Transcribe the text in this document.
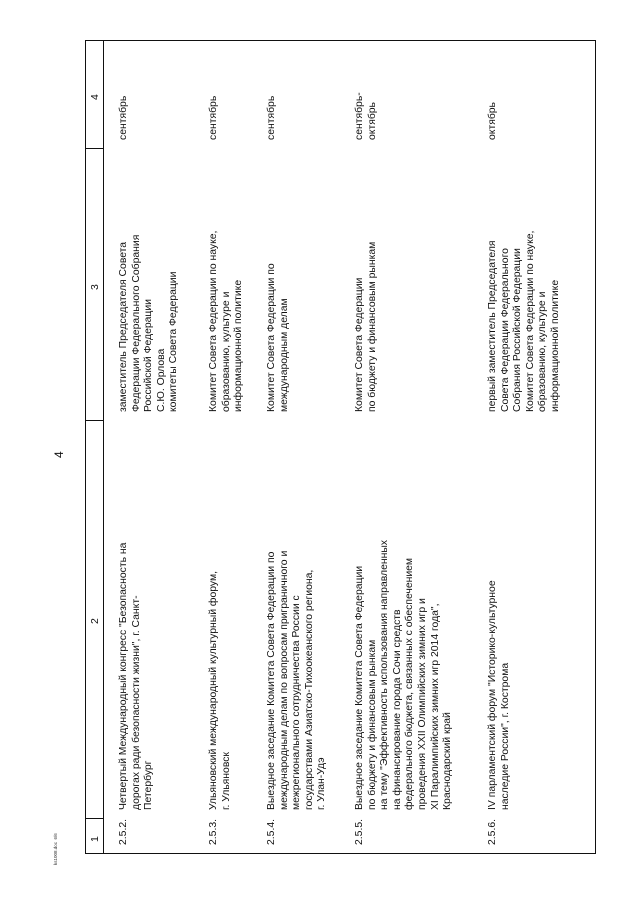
4
ks1008.doc  6/6	1
2
3
4
2.5.2.
Четвертый Международный конгресс "Безопасность на
дорогах ради безопасности жизни", г. Санкт-
Петербург
заместитель Председателя Совета
Федерации Федерального Собрания
Российской Федерации
С.Ю. Орлова
комитеты Совета Федерации
сентябрь
2.5.3.
Ульяновский международный культурный форум,
г. Ульяновск
Комитет Совета Федерации по науке,
образованию, культуре и
информационной политике
сентябрь
2.5.4.
Выездное заседание Комитета Совета Федерации по
международным делам по вопросам приграничного и
межрегионального сотрудничества России с
государствами Азиатско-Тихоокеанского региона,
г. Улан-Удэ
Комитет Совета Федерации по
международным делам
сентябрь
2.5.5.
Выездное заседание Комитета Совета Федерации
по бюджету и финансовым рынкам
на тему "Эффективность использования направленных
на финансирование города Сочи средств
федерального бюджета, связанных с обеспечением
проведения XXII Олимпийских зимних игр и
XI Паралимпийских зимних игр 2014 года",
Краснодарский край
Комитет Совета Федерации
по бюджету и финансовым рынкам
сентябрь-
октябрь
2.5.6.
IV парламентский форум "Историко-культурное
наследие России", г. Кострома
первый заместитель Председателя
Совета Федерации Федерального
Собрания Российской Федерации
Комитет Совета Федерации по науке,
образованию, культуре и
информационной политике
октябрь
